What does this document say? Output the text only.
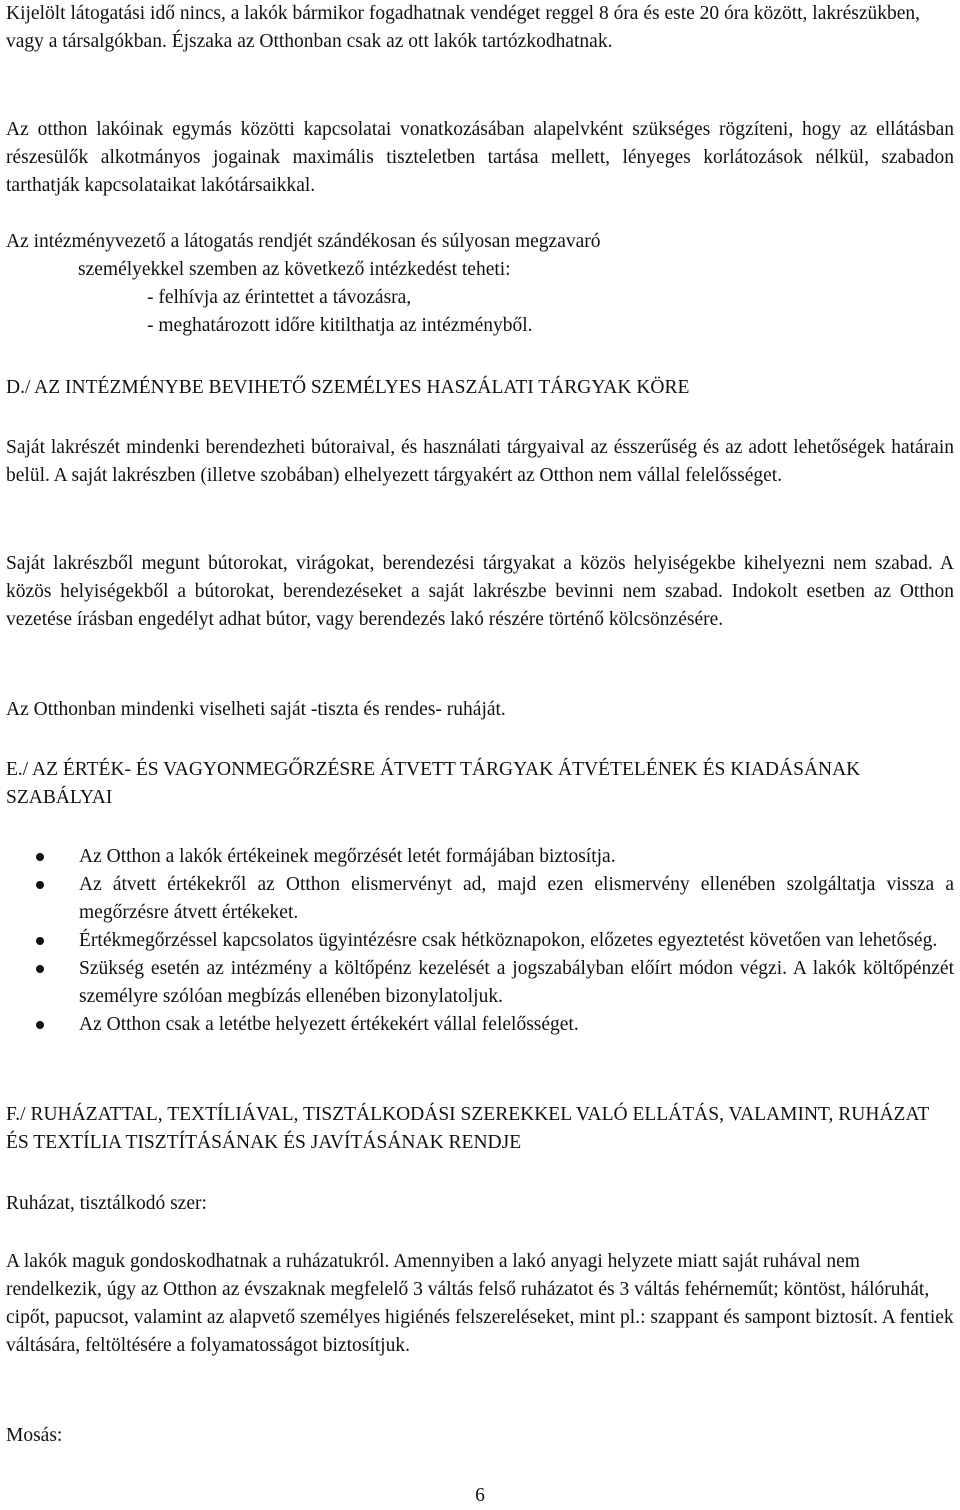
Kijelölt látogatási idő nincs, a lakók bármikor fogadhatnak vendéget reggel 8 óra és este 20 óra között, lakrészükben, vagy a társalgókban. Éjszaka az Otthonban csak az ott lakók tartózkodhatnak.

Az otthon lakóinak egymás közötti kapcsolatai vonatkozásában alapelvként szükséges rögzíteni, hogy az ellátásban részesülők alkotmányos jogainak maximális tiszteletben tartása mellett, lényeges korlátozások nélkül, szabadon tarthatják kapcsolataikat lakótársaikkal.

Az intézményvezető a látogatás rendjét szándékosan és súlyosan megzavaró

személyekkel szemben az következő intézkedést teheti:

- felhívja az érintettet a távozásra,

- meghatározott időre kitilthatja az intézményből.

D./ AZ INTÉZMÉNYBE BEVIHETŐ SZEMÉLYES HASZÁLATI TÁRGYAK KÖRE

Saját lakrészét mindenki berendezheti bútoraival, és használati tárgyaival az ésszerűség és az adott lehetőségek határain belül. A saját lakrészben (illetve szobában) elhelyezett tárgyakért az Otthon nem vállal felelősséget.

Saját lakrészből megunt bútorokat, virágokat, berendezési tárgyakat a közös helyiségekbe kihelyezni nem szabad. A közös helyiségekből a bútorokat, berendezéseket a saját lakrészbe bevinni nem szabad. Indokolt esetben az Otthon vezetése írásban engedélyt adhat bútor, vagy berendezés lakó részére történő kölcsönzésére.

Az Otthonban mindenki viselheti saját -tiszta és rendes- ruháját.

E./ AZ ÉRTÉK- ÉS VAGYONMEGŐRZÉSRE ÁTVETT TÁRGYAK ÁTVÉTELÉNEK ÉS KIADÁSÁNAK SZABÁLYAI

Az Otthon a lakók értékeinek megőrzését letét formájában biztosítja.
Az átvett értékekről az Otthon elismervényt ad, majd ezen elismervény ellenében szolgáltatja vissza a megőrzésre átvett értékeket.
Értékmegőrzéssel kapcsolatos ügyintézésre csak hétköznapokon, előzetes egyeztetést követően van lehetőség.
Szükség esetén az intézmény a költőpénz kezelését a jogszabályban előírt módon végzi. A lakók költőpénzét személyre szólóan megbízás ellenében bizonylatoljuk.
Az Otthon csak a letétbe helyezett értékekért vállal felelősséget.

F./ RUHÁZATTAL, TEXTÍLIÁVAL, TISZTÁLKODÁSI SZEREKKEL VALÓ ELLÁTÁS, VALAMINT, RUHÁZAT ÉS TEXTÍLIA TISZTÍTÁSÁNAK ÉS JAVÍTÁSÁNAK RENDJE

Ruházat, tisztálkodó szer:

A lakók maguk gondoskodhatnak a ruházatukról. Amennyiben a lakó anyagi helyzete miatt saját ruhával nem rendelkezik, úgy az Otthon az évszaknak megfelelő 3 váltás felső ruházatot és 3 váltás fehérneműt; köntöst, hálóruhát, cipőt, papucsot, valamint az alapvető személyes higiénés felszereléseket, mint pl.: szappant és sampont biztosít. A fentiek váltására, feltöltésére a folyamatosságot biztosítjuk.

Mosás:

6
